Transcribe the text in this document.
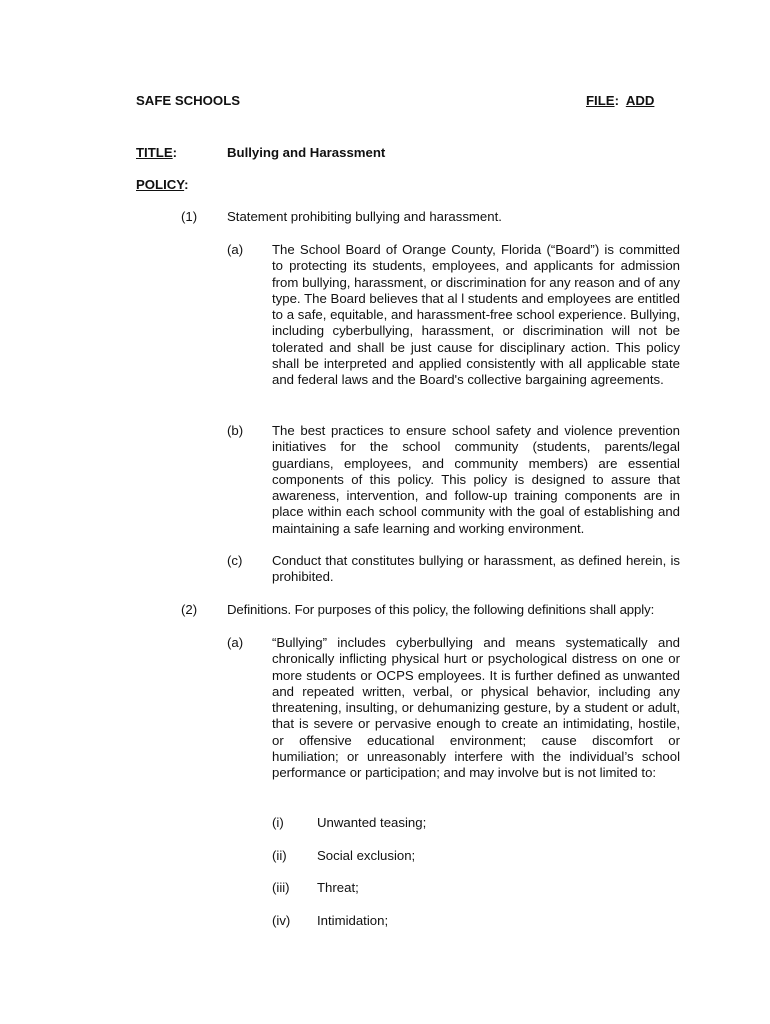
SAFE SCHOOLS	FILE: ADD
TITLE:	Bullying and Harassment
POLICY:
(1) Statement prohibiting bullying and harassment.
(a) The School Board of Orange County, Florida (“Board”) is committed to protecting its students, employees, and applicants for admission from bullying, harassment, or discrimination for any reason and of any type. The Board believes that al l students and employees are entitled to a safe, equitable, and harassment-free school experience. Bullying, including cyberbullying, harassment, or discrimination will not be tolerated and shall be just cause for disciplinary action. This policy shall be interpreted and applied consistently with all applicable state and federal laws and the Board's collective bargaining agreements.
(b) The best practices to ensure school safety and violence prevention initiatives for the school community (students, parents/legal guardians, employees, and community members) are essential components of this policy. This policy is designed to assure that awareness, intervention, and follow-up training components are in place within each school community with the goal of establishing and maintaining a safe learning and working environment.
(c) Conduct that constitutes bullying or harassment, as defined herein, is prohibited.
(2) Definitions. For purposes of this policy, the following definitions shall apply:
(a) “Bullying” includes cyberbullying and means systematically and chronically inflicting physical hurt or psychological distress on one or more students or OCPS employees. It is further defined as unwanted and repeated written, verbal, or physical behavior, including any threatening, insulting, or dehumanizing gesture, by a student or adult, that is severe or pervasive enough to create an intimidating, hostile, or offensive educational environment; cause discomfort or humiliation; or unreasonably interfere with the individual’s school performance or participation; and may involve but is not limited to:
(i)	Unwanted teasing;
(ii) Social exclusion;
(iii) Threat;
(iv) Intimidation;
